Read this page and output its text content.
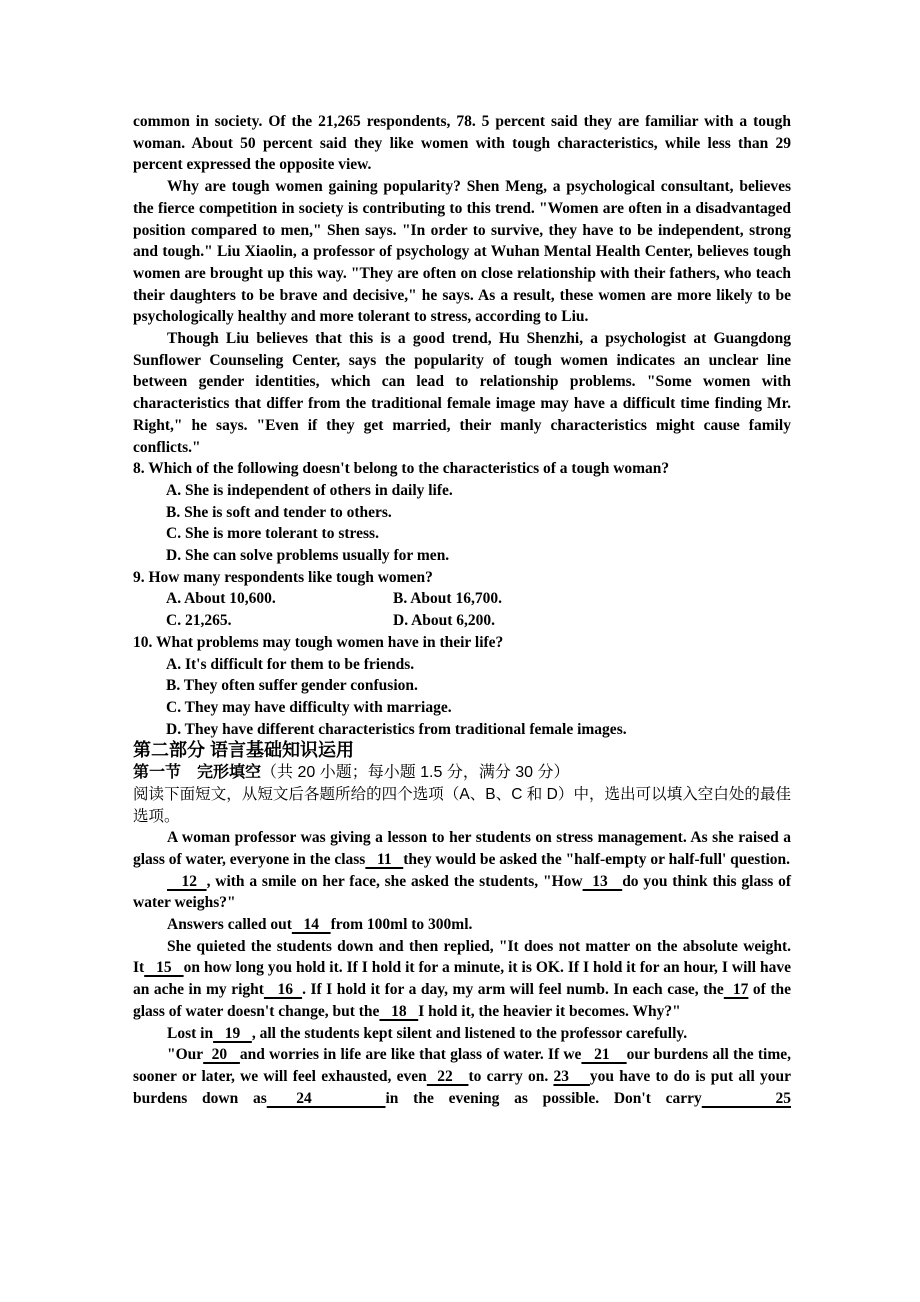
common in society. Of the 21,265 respondents, 78. 5 percent said they are familiar with a tough woman. About 50 percent said they like women with tough characteristics, while less than 29 percent expressed the opposite view.
Why are tough women gaining popularity? Shen Meng, a psychological consultant, believes the fierce competition in society is contributing to this trend. "Women are often in a disadvantaged position compared to men," Shen says. "In order to survive, they have to be independent, strong and tough." Liu Xiaolin, a professor of psychology at Wuhan Mental Health Center, believes tough women are brought up this way. "They are often on close relationship with their fathers, who teach their daughters to be brave and decisive," he says. As a result, these women are more likely to be psychologically healthy and more tolerant to stress, according to Liu.
Though Liu believes that this is a good trend, Hu Shenzhi, a psychologist at Guangdong Sunflower Counseling Center, says the popularity of tough women indicates an unclear line between gender identities, which can lead to relationship problems. "Some women with characteristics that differ from the traditional female image may have a difficult time finding Mr. Right," he says. "Even if they get married, their manly characteristics might cause family conflicts."
8. Which of the following doesn't belong to the characteristics of a tough woman?
A. She is independent of others in daily life.
B. She is soft and tender to others.
C. She is more tolerant to stress.
D. She can solve problems usually for men.
9. How many respondents like tough women?
A. About 10,600.	B. About 16,700.
C. 21,265.	D. About 6,200.
10. What problems may tough women have in their life?
A. It's difficult for them to be friends.
B. They often suffer gender confusion.
C. They may have difficulty with marriage.
D. They have different characteristics from traditional female images.
第二部分 语言基础知识运用
第一节　完形填空（共 20 小题；每小题 1.5 分，满分 30 分）
阅读下面短文，从短文后各题所给的四个选项（A、B、C 和 D）中，选出可以填入空白处的最佳选项。
A woman professor was giving a lesson to her students on stress management. As she raised a glass of water, everyone in the class   11   they would be asked the "half-empty or half-full' question.
12  , with a smile on her face, she asked the students, "How  13   do you think this glass of water weighs?"
Answers called out   14   from 100ml to 300ml.
She quieted the students down and then replied, "It does not matter on the absolute weight. It   15   on how long you hold it. If I hold it for a minute, it is OK. If I hold it for an hour, I will have an ache in my right   16  . If I hold it for a day, my arm will feel numb. In each case, the  17 of the glass of water doesn't change, but the   18   I hold it, the heavier it becomes. Why?"
Lost in   19   , all the students kept silent and listened to the professor carefully.
"Our  20   and worries in life are like that glass of water. If we   21    our burdens all the time, sooner or later, we will feel exhausted, even  22   to carry on. 23    you have to do is put all your burdens down as  24     in the evening as possible. Don't carry     25
